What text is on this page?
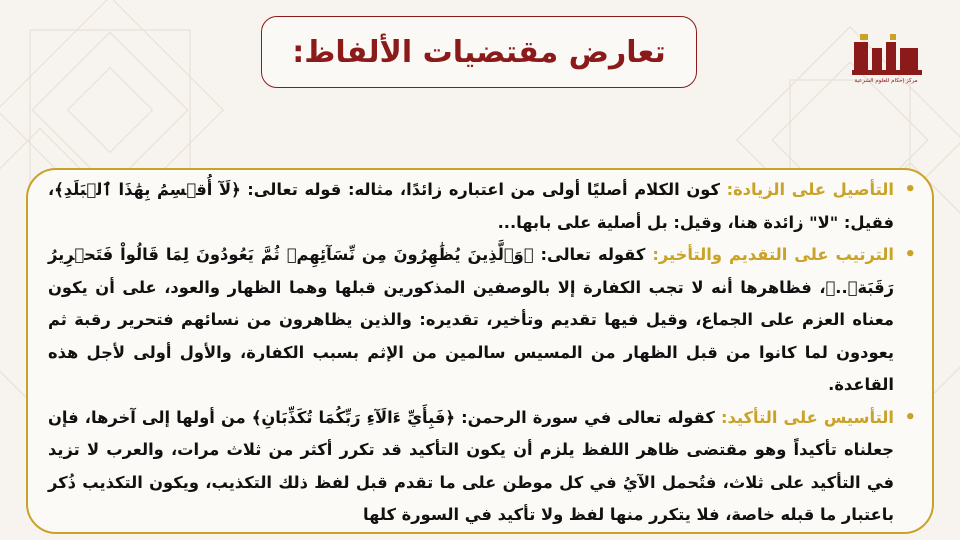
تعارض مقتضيات الألفاظ:
مركز إحكام للعلوم الشرعية
•
التأصيل على الزيادة: كون الكلام أصليًا أولى من اعتباره زائدًا، مثاله: قوله تعالى: ﴿لَآ أُقۡسِمُ بِهَٰذَا ٱلۡبَلَدِ﴾، فقيل: "لا" زائدة هنا، وقيل: بل أصلية على بابها...
•
الترتيب على التقديم والتأخير: كقوله تعالى: ﴿وَٱلَّذِينَ يُظَٰهِرُونَ مِن نِّسَآئِهِمۡ ثُمَّ يَعُودُونَ لِمَا قَالُواْ فَتَحۡرِيرُ رَقَبَةٖ..﴾، فظاهرها أنه لا تجب الكفارة إلا بالوصفين المذكورين قبلها وهما الظهار والعود، على أن يكون معناه العزم على الجماع، وقيل فيها تقديم وتأخير، تقديره: والذين يظاهرون من نسائهم فتحرير رقبة ثم يعودون لما كانوا من قبل الظهار من المسيس سالمين من الإثم بسبب الكفارة، والأول أولى لأجل هذه القاعدة.
•
التأسيس على التأكيد: كقوله تعالى في سورة الرحمن: ﴿فَبِأَيِّ ءَالَآءِ رَبِّكُمَا تُكَذِّبَانِ﴾ من أولها إلى آخرها، فإن جعلناه تأكيداً وهو مقتضى ظاهر اللفظ يلزم أن يكون التأكيد قد تكرر أكثر من ثلاث مرات، والعرب لا تزيد في التأكيد على ثلاث، فتُحمل الآيُ في كل موطن على ما تقدم قبل لفظ ذلك التكذيب، ويكون التكذيب ذُكر باعتبار ما قبله خاصة، فلا يتكرر منها لفظ ولا تأكيد في السورة كلها
